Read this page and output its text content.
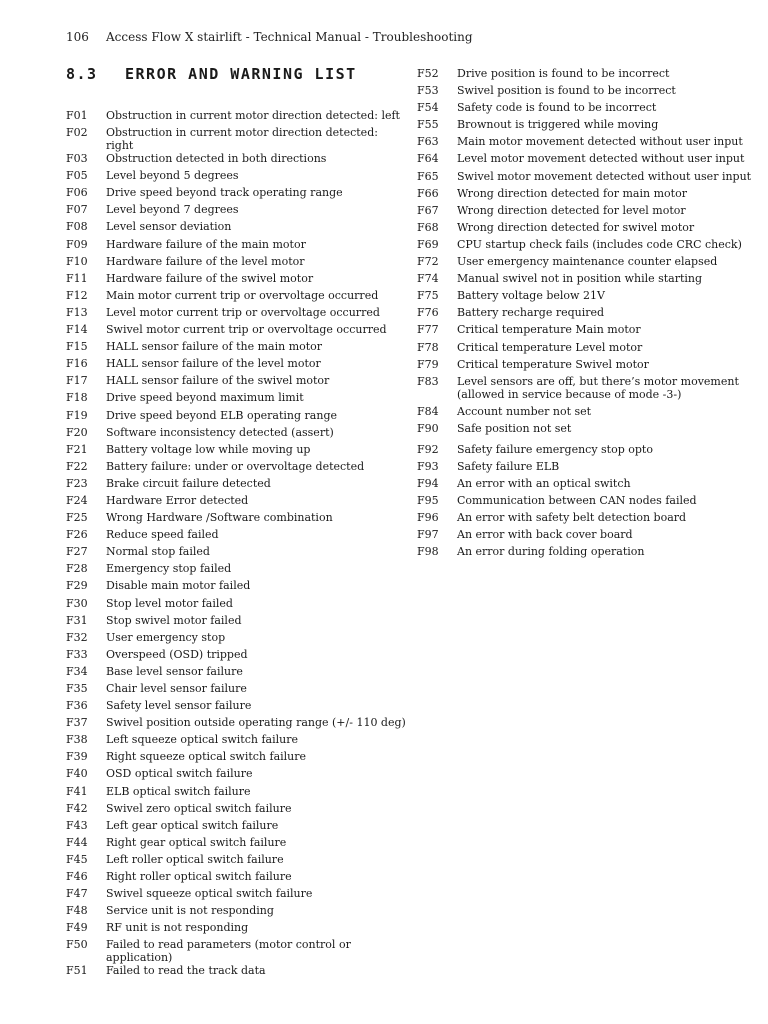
106 Access Flow X stairlift - Technical Manual - Troubleshooting
8.3 ERROR AND WARNING LIST
F01	Obstruction in current motor direction detected: left
F02	Obstruction in current motor direction detected: right
F03	Obstruction detected in both directions
F05	Level beyond 5 degrees
F06	Drive speed beyond track operating range
F07	Level beyond 7 degrees
F08	Level sensor deviation
F09	Hardware failure of the main motor
F10	Hardware failure of the level motor
F11	Hardware failure of the swivel motor
F12	Main motor current trip or overvoltage occurred
F13	Level motor current trip or overvoltage occurred
F14	Swivel motor current trip or overvoltage occurred
F15	HALL sensor failure of the main motor
F16	HALL sensor failure of the level motor
F17	HALL sensor failure of the swivel motor
F18	Drive speed beyond maximum limit
F19	Drive speed beyond ELB operating range
F20	Software inconsistency detected (assert)
F21	Battery voltage low while moving up
F22	Battery failure: under or overvoltage detected
F23	Brake circuit failure detected
F24	Hardware Error detected
F25	Wrong Hardware /Software combination
F26	Reduce speed failed
F27	Normal stop failed
F28	Emergency stop failed
F29	Disable main motor failed
F30	Stop level motor failed
F31	Stop swivel motor failed
F32	User emergency stop
F33	Overspeed (OSD) tripped
F34	Base level sensor failure
F35	Chair level sensor failure
F36	Safety level sensor failure
F37	Swivel position outside operating range (+/- 110 deg)
F38	Left squeeze optical switch failure
F39	Right squeeze optical switch failure
F40	OSD optical switch failure
F41	ELB optical switch failure
F42	Swivel zero optical switch failure
F43	Left gear optical switch failure
F44	Right gear optical switch failure
F45	Left roller optical switch failure
F46	Right roller optical switch failure
F47	Swivel squeeze optical switch failure
F48	Service unit is not responding
F49	RF unit is not responding
F50	Failed to read parameters (motor control or application)
F51	Failed to read the track data
F52	Drive position is found to be incorrect
F53	Swivel position is found to be incorrect
F54	Safety code is found to be incorrect
F55	Brownout is triggered while moving
F63	Main motor movement detected without user input
F64	Level motor movement detected without user input
F65	Swivel motor movement detected without user input
F66	Wrong direction detected for main motor
F67	Wrong direction detected for level motor
F68	Wrong direction detected for swivel motor
F69	CPU startup check fails (includes code CRC check)
F72	User emergency maintenance counter elapsed
F74	Manual swivel not in position while starting
F75	Battery voltage below 21V
F76	Battery recharge required
F77	Critical temperature Main motor
F78	Critical temperature Level motor
F79	Critical temperature Swivel motor
F83	Level sensors are off, but there’s motor movement (allowed in service because of mode -3-)
F84	Account number not set
F90	Safe position not set
F92	Safety failure emergency stop opto
F93	Safety failure ELB
F94	An error with an optical switch
F95	Communication between CAN nodes failed
F96	An error with safety belt detection board
F97	An error with back cover board
F98	An error during folding operation
